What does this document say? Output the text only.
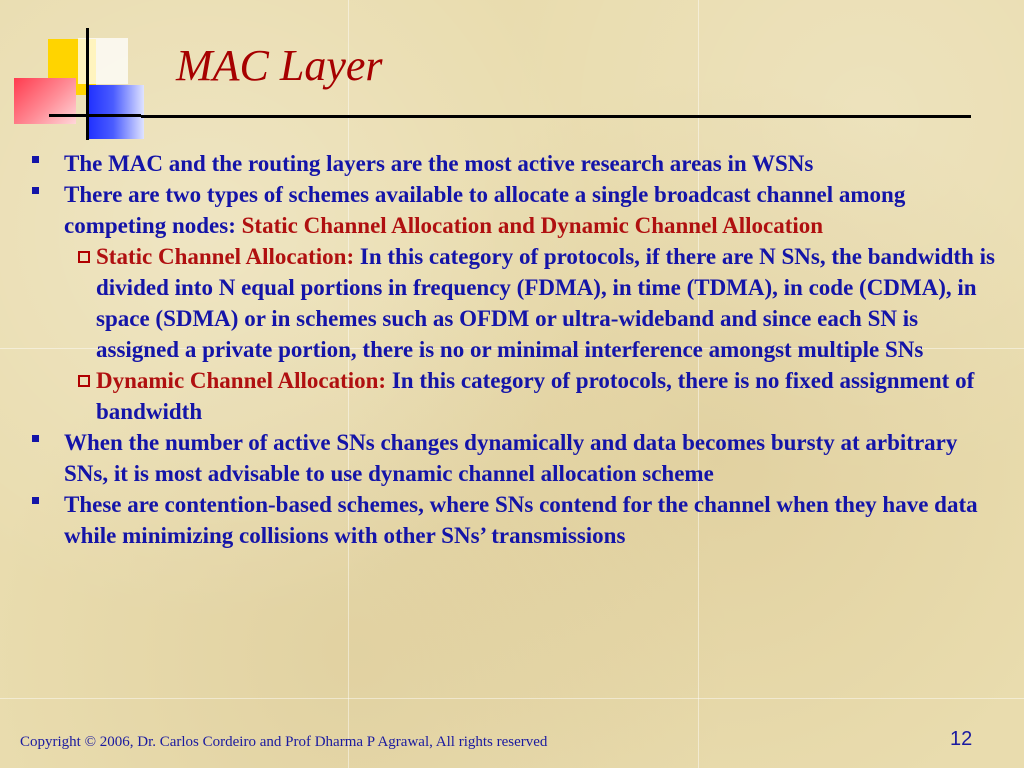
MAC Layer
The MAC and the routing layers are the most active research areas in WSNs
There are two types of schemes available to allocate a single broadcast channel among competing nodes: Static Channel Allocation and Dynamic Channel Allocation
Static Channel Allocation: In this category of protocols, if there are N SNs, the bandwidth is divided into N equal portions in frequency (FDMA), in time (TDMA), in code (CDMA), in space (SDMA) or in schemes such as OFDM or ultra-wideband and since each SN is assigned a private portion, there is no or minimal interference amongst multiple SNs
Dynamic Channel Allocation: In this category of protocols, there is no fixed assignment of bandwidth
When the number of active SNs changes dynamically and data becomes bursty at arbitrary SNs, it is most advisable to use dynamic channel allocation scheme
These are contention-based schemes, where SNs contend for the channel when they have data while minimizing collisions with other SNs’ transmissions
Copyright © 2006, Dr. Carlos Cordeiro and Prof Dharma P Agrawal, All rights reserved	12
